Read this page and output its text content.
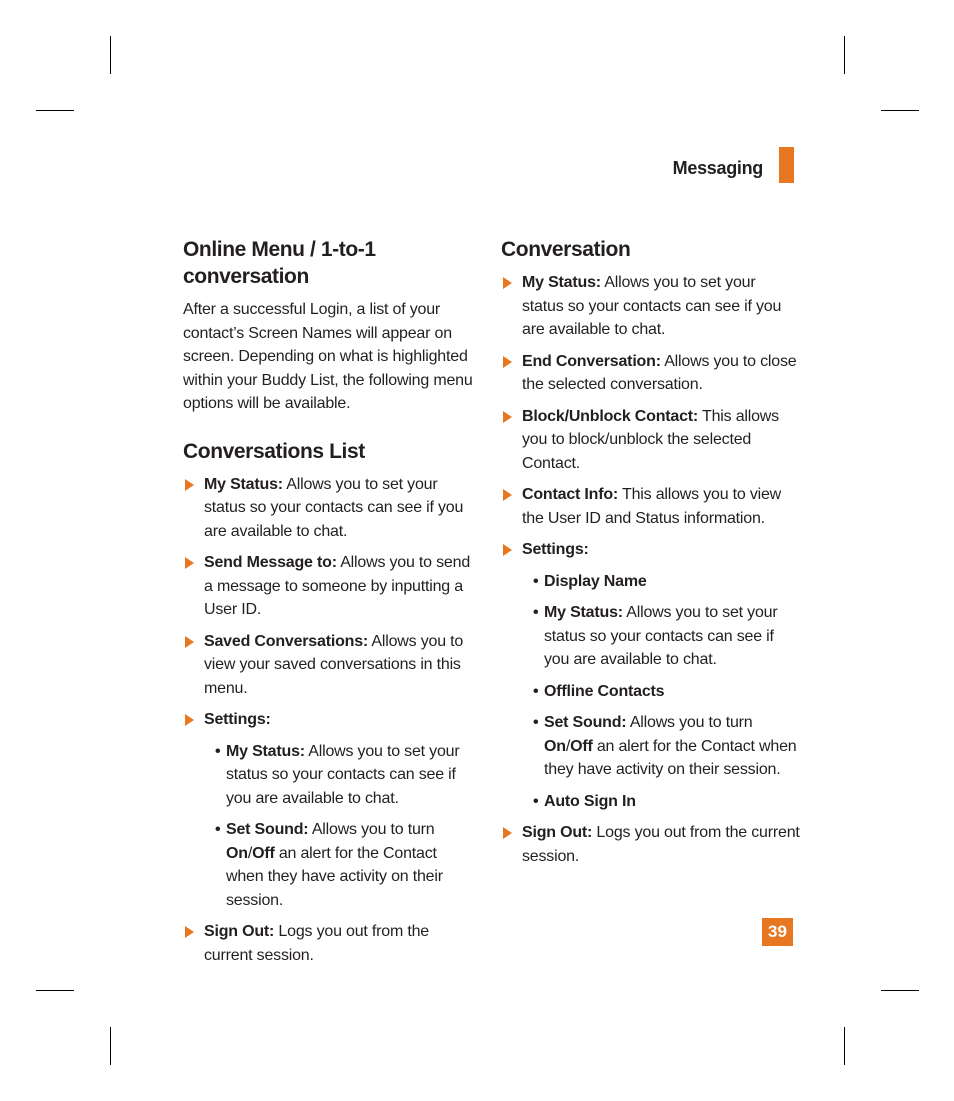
Messaging
Online Menu / 1-to-1 conversation

After a successful Login, a list of your contact’s Screen Names will appear on screen. Depending on what is highlighted within your Buddy List, the following menu options will be available.

Conversations List
My Status: Allows you to set your status so your contacts can see if you are available to chat.
Send Message to: Allows you to send a message to someone by inputting a User ID.
Saved Conversations: Allows you to view your saved conversations in this menu.
Settings:
• My Status: Allows you to set your status so your contacts can see if you are available to chat.
• Set Sound: Allows you to turn On/Off an alert for the Contact when they have activity on their session.
Sign Out: Logs you out from the current session.
Conversation
My Status: Allows you to set your status so your contacts can see if you are available to chat.
End Conversation: Allows you to close the selected conversation.
Block/Unblock Contact: This allows you to block/unblock the selected Contact.
Contact Info: This allows you to view the User ID and Status information.
Settings:
• Display Name
• My Status: Allows you to set your status so your contacts can see if you are available to chat.
• Offline Contacts
• Set Sound: Allows you to turn On/Off an alert for the Contact when they have activity on their session.
• Auto Sign In
Sign Out: Logs you out from the current session.
39
